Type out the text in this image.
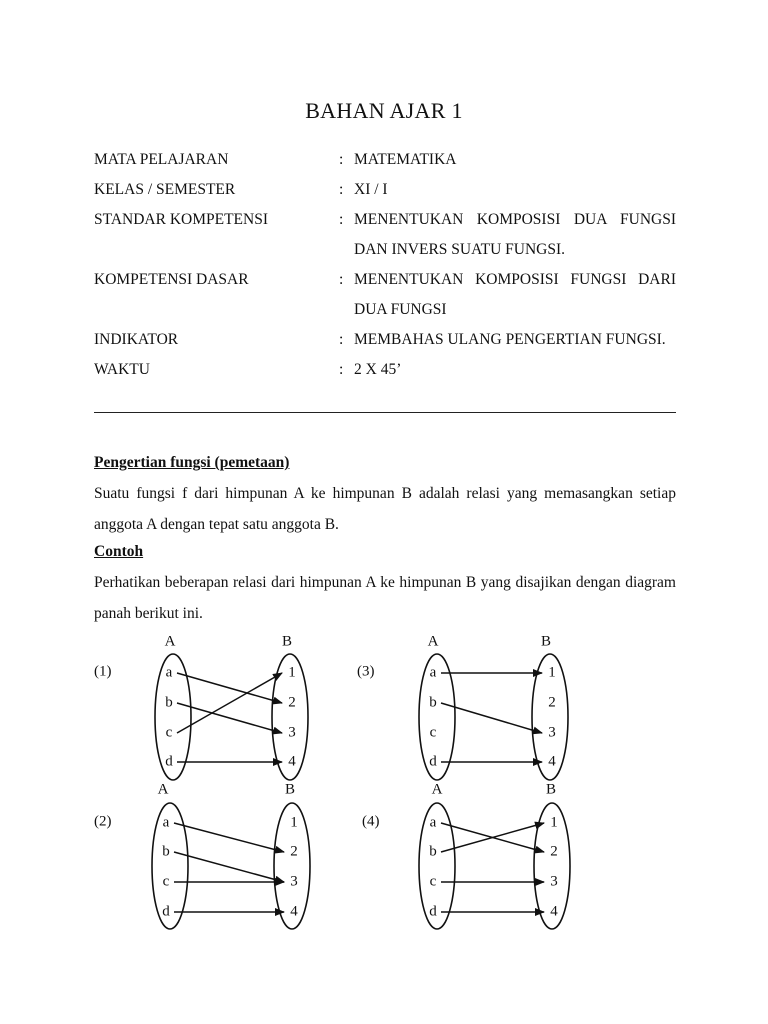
BAHAN AJAR 1
MATA PELAJARAN	: MATEMATIKA
KELAS / SEMESTER	: XI / I
STANDAR KOMPETENSI	: MENENTUKAN KOMPOSISI DUA FUNGSI DAN INVERS SUATU FUNGSI.
KOMPETENSI DASAR	: MENENTUKAN KOMPOSISI FUNGSI DARI DUA FUNGSI
INDIKATOR	: MEMBAHAS ULANG PENGERTIAN FUNGSI.
WAKTU	: 2 X 45’
Pengertian fungsi (pemetaan)
Suatu fungsi f dari himpunan A ke himpunan B adalah relasi yang memasangkan setiap anggota A dengan tepat satu anggota B.
Contoh
Perhatikan beberapan relasi dari himpunan A ke himpunan B yang disajikan dengan diagram panah berikut ini.
(1)
A	B
a
b
c
d
1
2
3
4
(2)
A	B
a
b
c
d
1
2
3
4
(3)
A	B
a
b
c
d
1
2
3
4
(4)
A	B
a
b
c
d
1
2
3
4
